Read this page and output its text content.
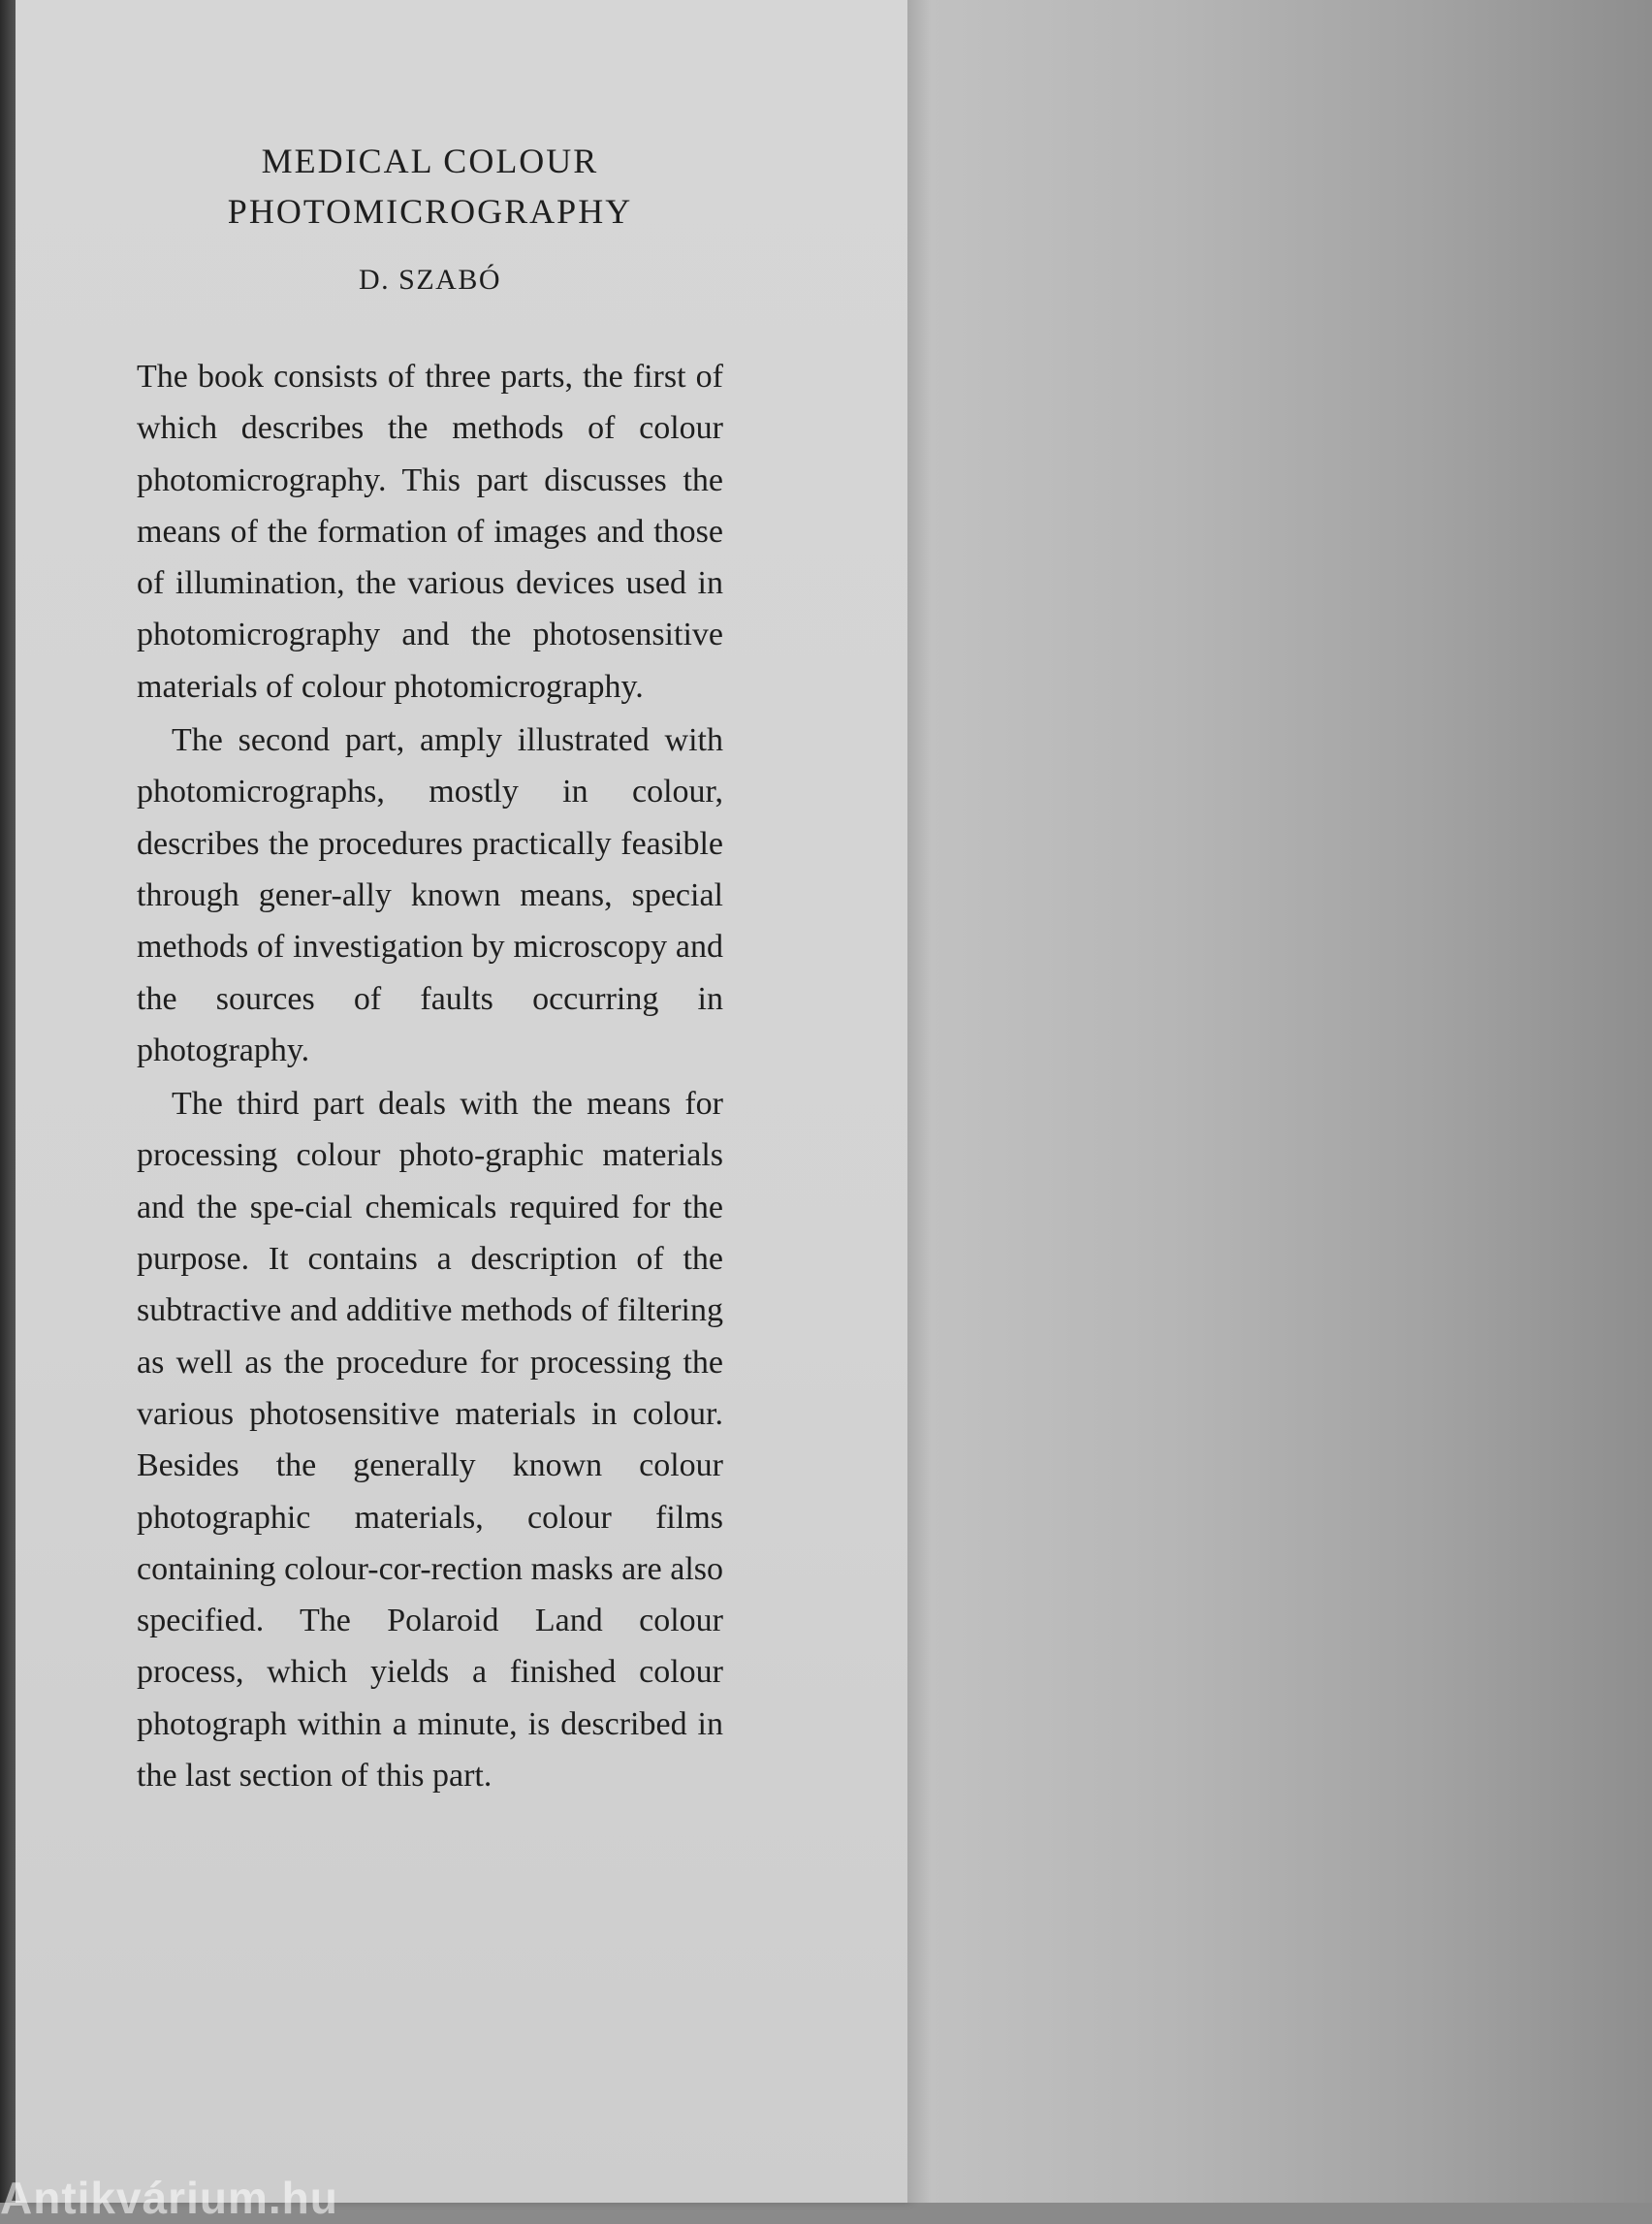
MEDICAL COLOUR
PHOTOMICROGRAPHY
D. SZABÓ

The book consists of three parts, the first of which describes the methods of colour photomicrography. This part discusses the means of the formation of images and those of illumination, the various devices used in photomicrography and the photosensitive materials of colour photomicrography.

The second part, amply illustrated with photomicrographs, mostly in colour, describes the procedures practically feasible through gener-ally known means, special methods of investigation by microscopy and the sources of faults occurring in photography.

The third part deals with the means for processing colour photo-graphic materials and the spe-cial chemicals required for the purpose. It contains a description of the subtractive and additive methods of filtering as well as the procedure for processing the various photosensitive materials in colour. Besides the generally known colour photographic materials, colour films containing colour-cor-rection masks are also specified. The Polaroid Land colour process, which yields a finished colour photograph within a minute, is described in the last section of this part.

Antikvárium.hu
